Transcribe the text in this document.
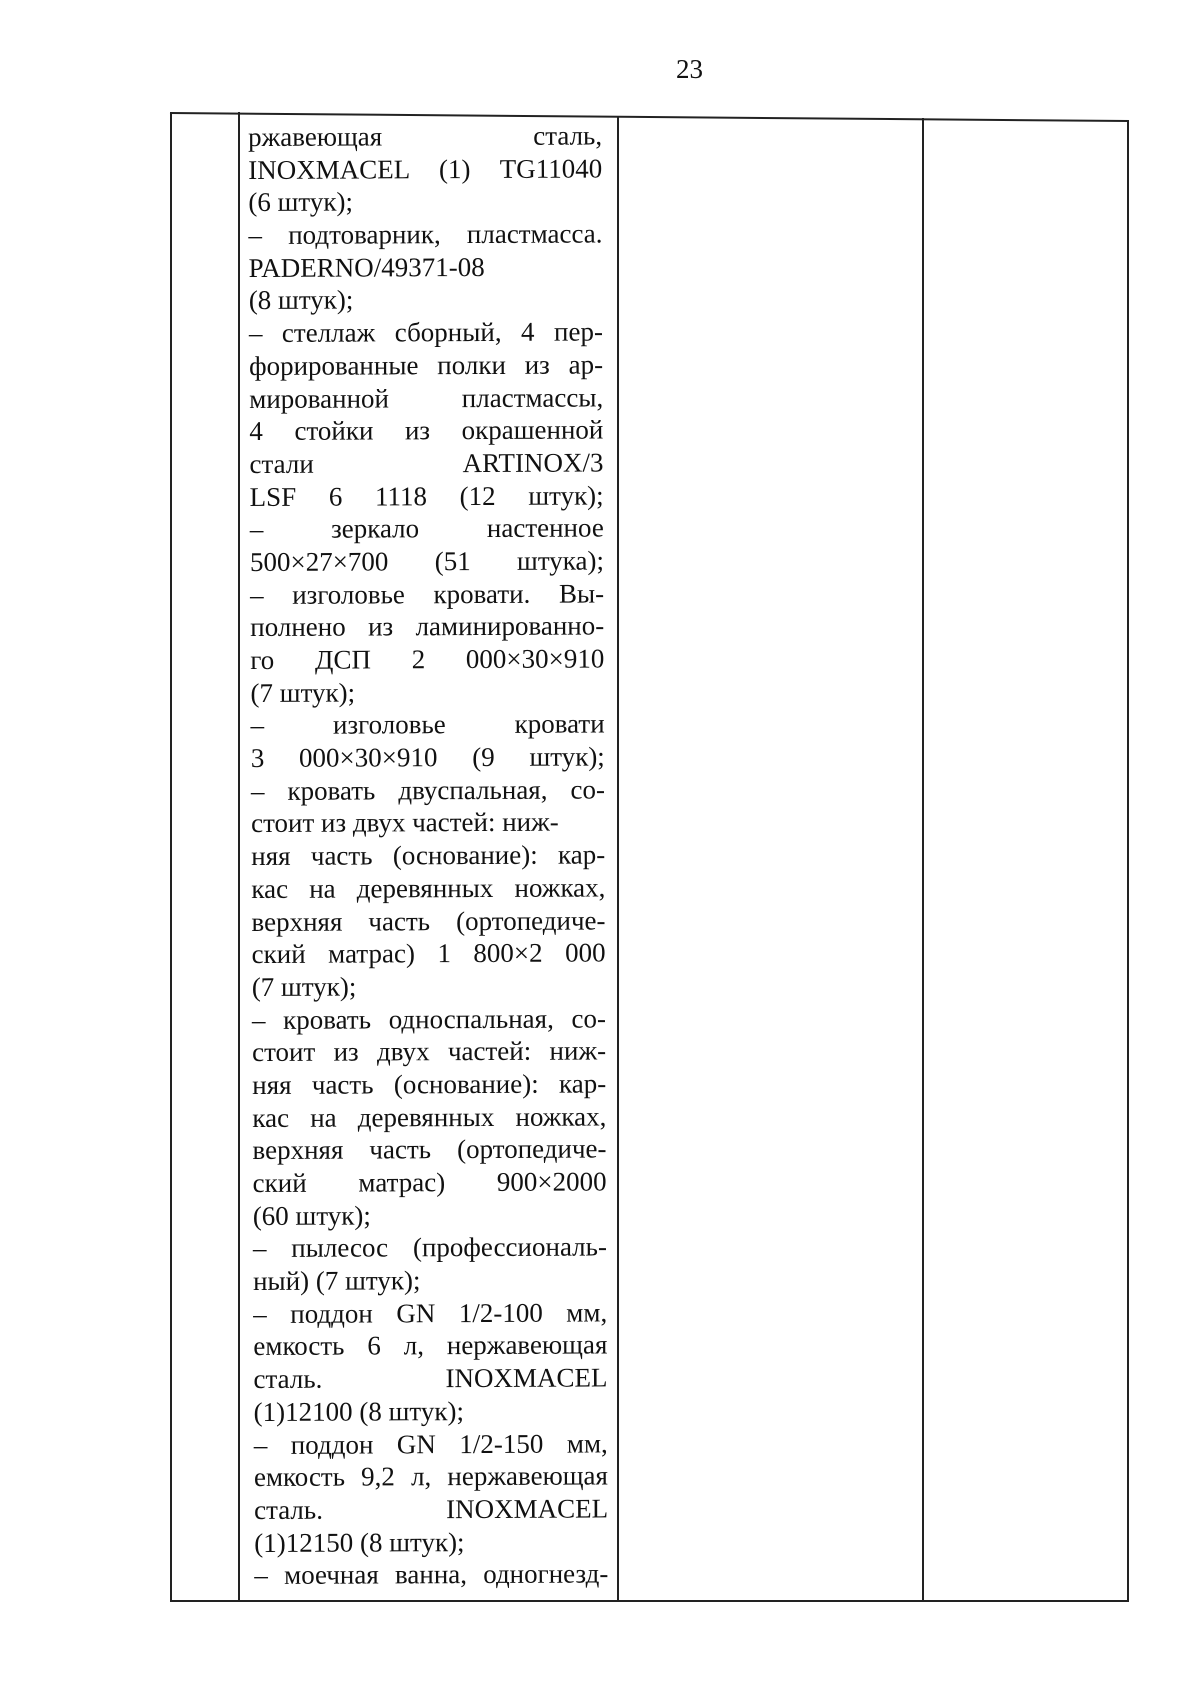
23
ржавеющая сталь,
INOXMACEL (1) TG11040
(6 штук);
– подтоварник, пластмасса.
PADERNO/49371-08
(8 штук);
– стеллаж сборный, 4 пер-
форированные полки из ар-
мированной пластмассы,
4 стойки из окрашенной
стали ARTINOX/3
LSF 6 1118 (12 штук);
– зеркало настенное
500×27×700 (51 штука);
– изголовье кровати. Вы-
полнено из ламинированно-
го ДСП 2 000×30×910
(7 штук);
– изголовье кровати
3 000×30×910 (9 штук);
– кровать двуспальная, со-
стоит из двух частей: ниж-
няя часть (основание): кар-
кас на деревянных ножках,
верхняя часть (ортопедиче-
ский матрас) 1 800×2 000
(7 штук);
– кровать односпальная, со-
стоит из двух частей: ниж-
няя часть (основание): кар-
кас на деревянных ножках,
верхняя часть (ортопедиче-
ский матрас) 900×2000
(60 штук);
– пылесос (профессиональ-
ный) (7 штук);
– поддон GN 1/2-100 мм,
емкость 6 л, нержавеющая
сталь. INOXMACEL
(1)12100 (8 штук);
– поддон GN 1/2-150 мм,
емкость 9,2 л, нержавеющая
сталь. INOXMACEL
(1)12150 (8 штук);
– моечная ванна, одногнезд-
